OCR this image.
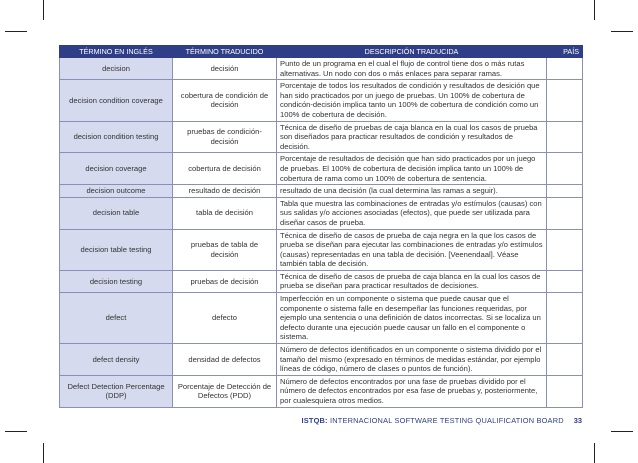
TÉRMINO EN INGLÉS	TÉRMINO TRADUCIDO	DESCRIPCIÓN TRADUCIDA	PAÍS
decision	decisión	Punto de un programa en el cual el flujo de control tiene dos o más rutas alternativas. Un nodo con dos o más enlaces para separar ramas.	
decision condition coverage	cobertura de condición de decisión	Porcentaje de todos los resultados de condición y resultados de desición que han sido practicados por un juego de pruebas. Un 100% de cobertura de condicón-decisión implica tanto un 100% de cobertura de condición como un 100% de cobertura de decisión.	
decision condition testing	pruebas de condición-decisión	Técnica de diseño de pruebas de caja blanca en la cual los casos de prueba son diseñados para practicar resultados de condición y resultados de decisión.	
decision coverage	cobertura de decisión	Porcentaje de resultados de decisión que han sido practicados por un juego de pruebas. El 100% de cobertura de decisión implica tanto un 100% de cobertura de rama como un 100% de cobertura de sentencia.	
decision outcome	resultado de decisión	resultado de una decisión (la cual determina las ramas a seguir).	
decision table	tabla de decisión	Tabla que muestra las combinaciones de entradas y/o estímulos (causas) con sus salidas y/o acciones asociadas (efectos), que puede ser utilizada para diseñar casos de prueba.	
decision table testing	pruebas de tabla de decisión	Técnica de diseño de casos de prueba de caja negra en la que los casos de prueba se diseñan para ejecutar las combinaciones de entradas y/o estímulos (causas) representadas en una tabla de decisión. [Veenendaal]. Véase también tabla de decisión.	
decision testing	pruebas de decisión	Técnica de diseño de casos de prueba de caja blanca en la cual los casos de prueba se diseñan para practicar resultados de decisiones.	
defect	defecto	Imperfección en un componente o sistema que puede causar que el componente o sistema falle en desempeñar las funciones requeridas, por ejemplo una sentencia o una definición de datos incorrectas. Si se localiza un defecto durante una ejecución puede causar un fallo en el componente o sistema.	
defect density	densidad de defectos	Número de defectos identificados en un componente o sistema dividido por el tamaño del mismo (expresado en términos de medidas estándar, por ejemplo líneas de código, número de clases o puntos de función).	
Defect Detection Percentage (DDP)	Porcentaje de Detección de Defectos (PDD)	Número de defectos encontrados por una fase de pruebas dividido por el número de defectos encontrados por esa fase de pruebas y, posteriormente, por cualesquiera otros medios.	
ISTQB: INTERNACIONAL SOFTWARE TESTING QUALIFICATION BOARD 33
